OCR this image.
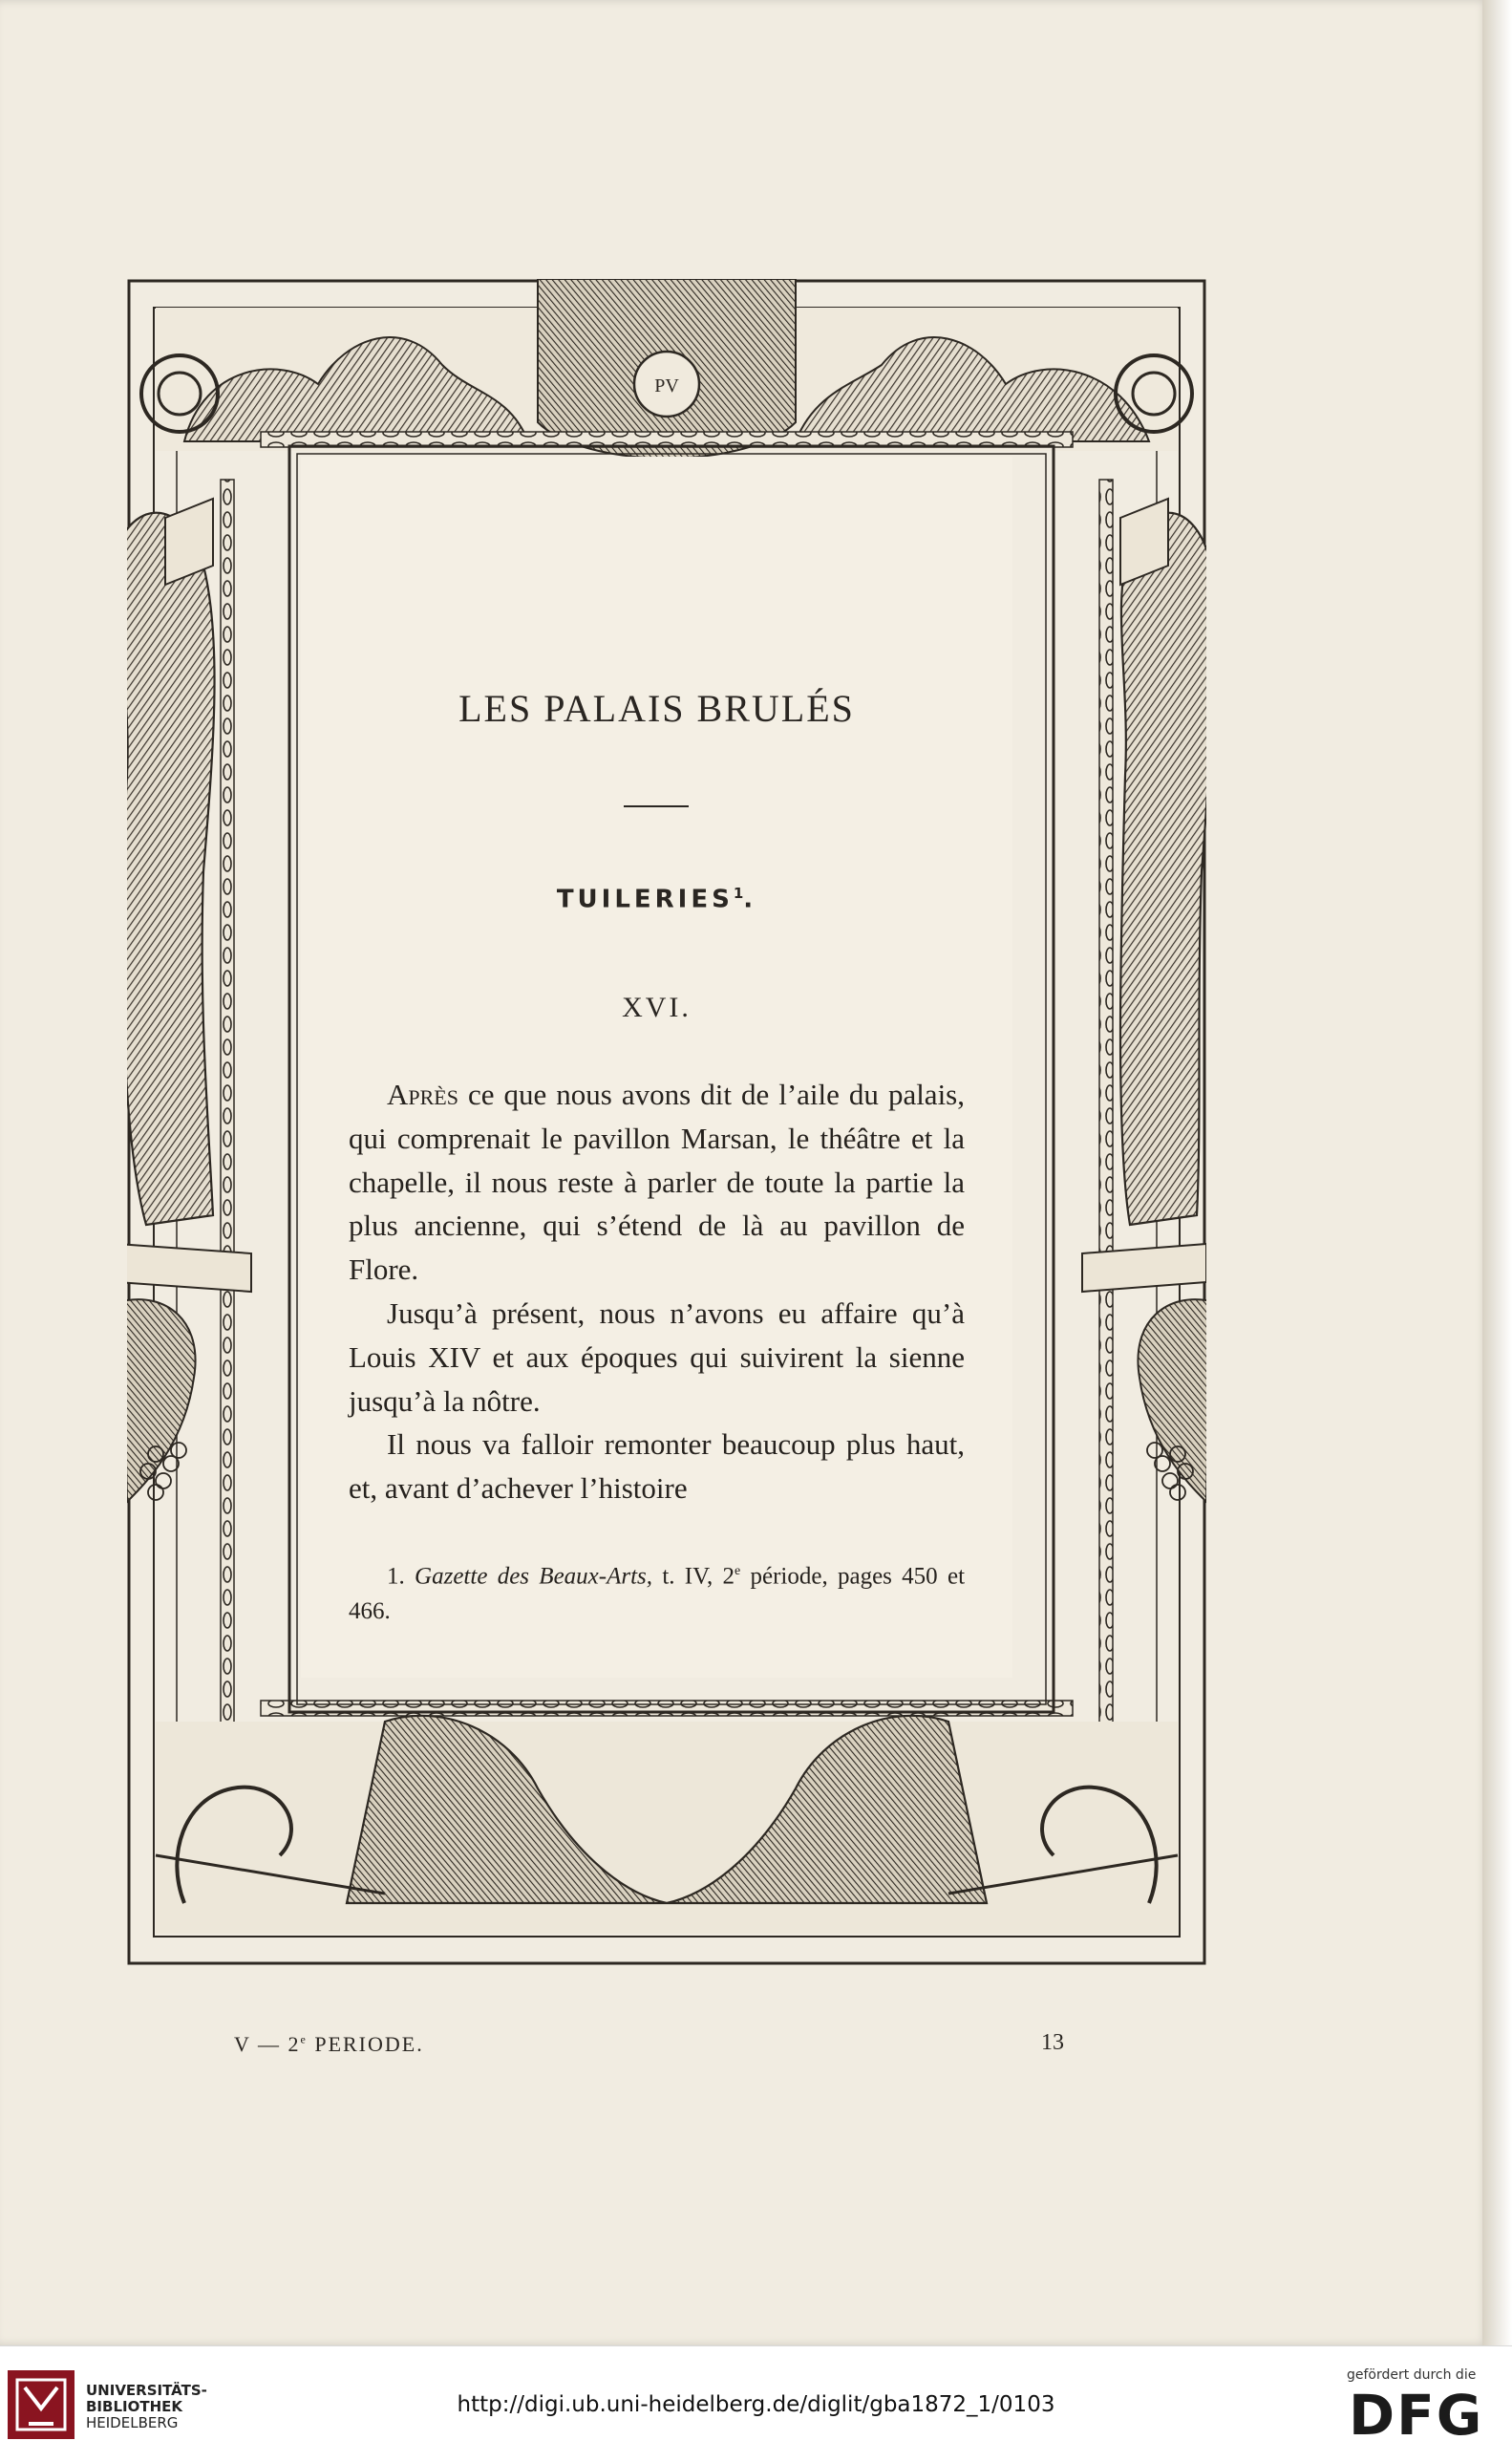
PV
LES PALAIS BRULÉS
TUILERIES$^1$.
XVI.

Après ce que nous avons dit de l’aile du palais, qui comprenait le pavillon Marsan, le théâtre et la chapelle, il nous reste à parler de toute la partie la plus ancienne, qui s’étend de là au pavillon de Flore.

Jusqu’à présent, nous n’avons eu affaire qu’à Louis XIV et aux époques qui suivirent la sienne jusqu’à la nôtre.

Il nous va falloir remonter beaucoup plus haut, et, avant d’achever l’histoire

1. Gazette des Beaux-Arts, t. IV, 2e période, pages 450 et 466.

V — 2e PERIODE.	13
UNIVERSITÄTS-
BIBLIOTHEK
HEIDELBERG
http://digi.ub.uni-heidelberg.de/diglit/gba1872_1/0103
gefördert durch die
DFG
